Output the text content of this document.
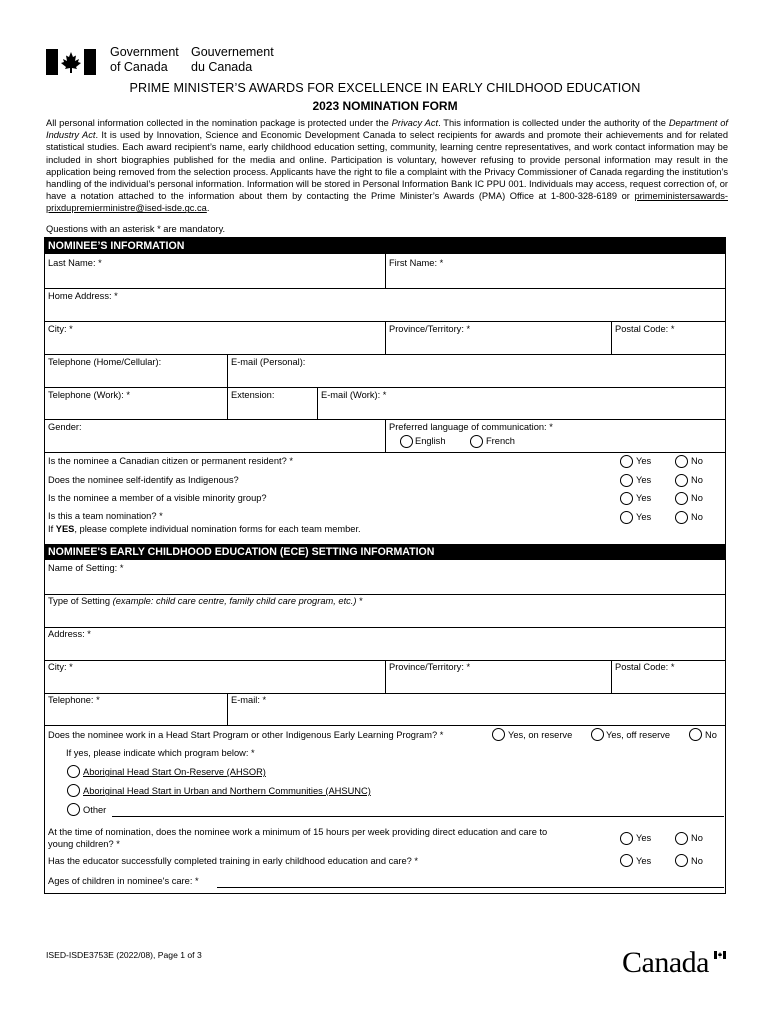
Government
of Canada
Gouvernement
du Canada
PRIME MINISTER’S AWARDS FOR EXCELLENCE IN EARLY CHILDHOOD EDUCATION
2023 NOMINATION FORM
All personal information collected in the nomination package is protected under the Privacy Act. This information is collected under the authority of the Department of Industry Act. It is used by Innovation, Science and Economic Development Canada to select recipients for awards and promote their achievements and for related statistical studies. Each award recipient’s name, early childhood education setting, community, learning centre representatives, and work contact information may be included in short biographies published for the media and online. Participation is voluntary, however refusing to provide personal information may result in the application being removed from the selection process. Applicants have the right to file a complaint with the Privacy Commissioner of Canada regarding the institution’s handling of the individual’s personal information. Information will be stored in Personal Information Bank IC PPU 001. Individuals may access, request correction of, or have a notation attached to the information about them by contacting the Prime Minister’s Awards (PMA) Office at 1-800-328-6189 or primeministersawards-prixdupremierministre@ised-isde.gc.ca.
Questions with an asterisk * are mandatory.
NOMINEE’S INFORMATION
Last Name: *	First Name: *
Home Address: *
City: *	Province/Territory: *	Postal Code: *
Telephone (Home/Cellular):	E-mail (Personal):
Telephone (Work): *	Extension:	E-mail (Work): *
Gender:	Preferred language of communication: *
English	French
Is the nominee a Canadian citizen or permanent resident? *	Yes	No
Does the nominee self-identify as Indigenous?	Yes	No
Is the nominee a member of a visible minority group?	Yes	No
Is this a team nomination? *
If YES, please complete individual nomination forms for each team member.
Yes	No
NOMINEE'S EARLY CHILDHOOD EDUCATION (ECE) SETTING INFORMATION
Name of Setting: *
Type of Setting (example: child care centre, family child care program, etc.) *
Address: *
City: *	Province/Territory: *	Postal Code: *
Telephone: *	E-mail: *
Does the nominee work in a Head Start Program or other Indigenous Early Learning Program? *	Yes, on reserve	Yes, off reserve	No
If yes, please indicate which program below: *
Aboriginal Head Start On-Reserve (AHSOR)
Aboriginal Head Start in Urban and Northern Communities (AHSUNC)
Other
At the time of nomination, does the nominee work a minimum of 15 hours per week providing direct education and care to
young children? *
Yes	No
Has the educator successfully completed training in early childhood education and care? *	Yes	No
Ages of children in nominee's care: *
ISED-ISDE3753E (2022/08), Page 1 of 3	Canada
